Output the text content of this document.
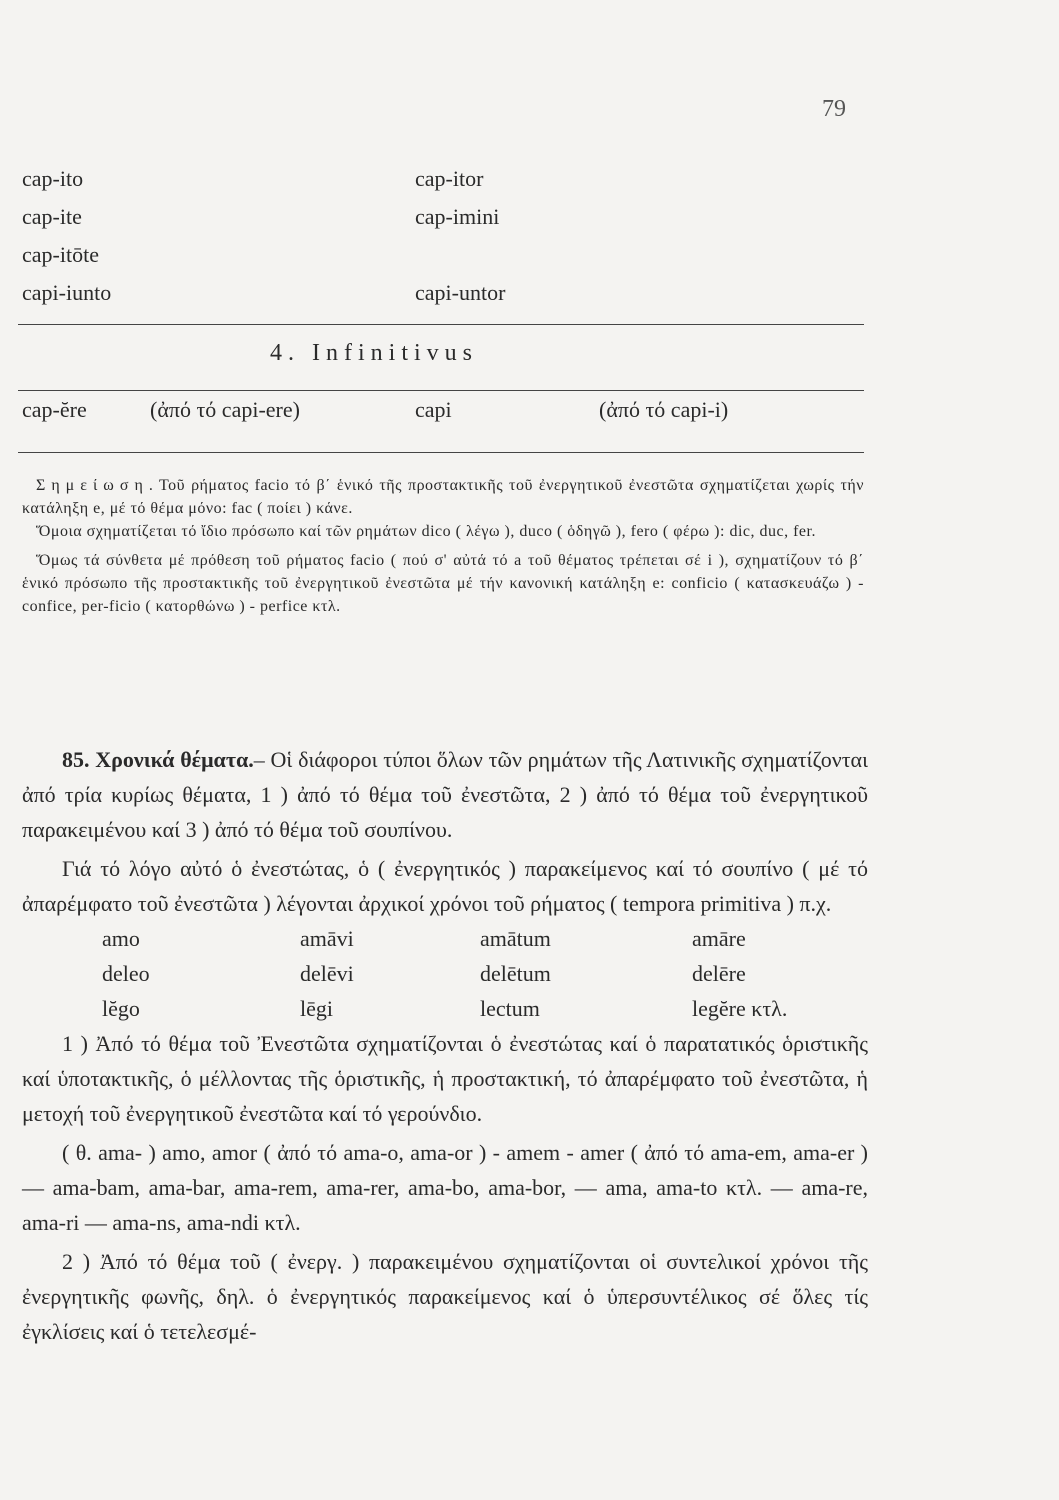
79
cap-ito	cap-itor
cap-ite	cap-imini
cap-itōte
capi-iunto	capi-untor
4. Infinitivus
cap-ĕre	(ἀπό τό capi-ere)	capi	(ἀπό τό capi-i)

Σημείωση. Τοῦ ρήματος facio τό β΄ ἑνικό τῆς προστακτικῆς τοῦ ἐνεργητικοῦ ἐνεστῶτα σχηματίζεται χωρίς τήν κατάληξη e, μέ τό θέμα μόνο: fac ( ποίει ) κάνε.

Ὅμοια σχηματίζεται τό ἴδιο πρόσωπο καί τῶν ρημάτων dico ( λέγω ), duco ( ὁδηγῶ ), fero ( φέρω ): dic, duc, fer.

Ὅμως τά σύνθετα μέ πρόθεση τοῦ ρήματος facio ( πού σ' αὐτά τό a τοῦ θέματος τρέπεται σέ i ), σχηματίζουν τό β΄ ἑνικό πρόσωπο τῆς προστακτικῆς τοῦ ἐνεργητικοῦ ἐνεστῶτα μέ τήν κανονική κατάληξη e: conficio ( κατασκευάζω ) - confice, per-ficio ( κατορθώνω ) - perfice κτλ.

85. Χρονικά θέματα.– Οἱ διάφοροι τύποι ὅλων τῶν ρημάτων τῆς Λατινικῆς σχηματίζονται ἀπό τρία κυρίως θέματα, 1 ) ἀπό τό θέμα τοῦ ἐνεστῶτα, 2 ) ἀπό τό θέμα τοῦ ἐνεργητικοῦ παρακειμένου καί 3 ) ἀπό τό θέμα τοῦ σουπίνου.

Γιά τό λόγο αὐτό ὁ ἐνεστώτας, ὁ ( ἐνεργητικός ) παρακείμενος καί τό σουπίνο ( μέ τό ἀπαρέμφατο τοῦ ἐνεστῶτα ) λέγονται ἀρχικοί χρόνοι τοῦ ρήματος ( tempora primitiva ) π.χ.

amo	amāvi	amātum	amāre
deleo	delēvi	delētum	delēre
lĕgo	lēgi	lectum	legĕre κτλ.

1 ) Ἀπό τό θέμα τοῦ Ἐνεστῶτα σχηματίζονται ὁ ἐνεστώτας καί ὁ παρατατικός ὁριστικῆς καί ὑποτακτικῆς, ὁ μέλλοντας τῆς ὁριστικῆς, ἡ προστακτική, τό ἀπαρέμφατο τοῦ ἐνεστῶτα, ἡ μετοχή τοῦ ἐνεργητικοῦ ἐνεστῶτα καί τό γερούνδιο.

( θ. ama- ) amo, amor ( ἀπό τό ama-o, ama-or ) - amem - amer ( ἀπό τό ama-em, ama-er ) — ama-bam, ama-bar, ama-rem, ama-rer, ama-bo, ama-bor, — ama, ama-to κτλ. — ama-re, ama-ri — ama-ns, ama-ndi κτλ.

2 ) Ἀπό τό θέμα τοῦ ( ἐνεργ. ) παρακειμένου σχηματίζονται οἱ συντελικοί χρόνοι τῆς ἐνεργητικῆς φωνῆς, δηλ. ὁ ἐνεργητικός παρακείμενος καί ὁ ὑπερσυντέλικος σέ ὅλες τίς ἐγκλίσεις καί ὁ τετελεσμέ-
